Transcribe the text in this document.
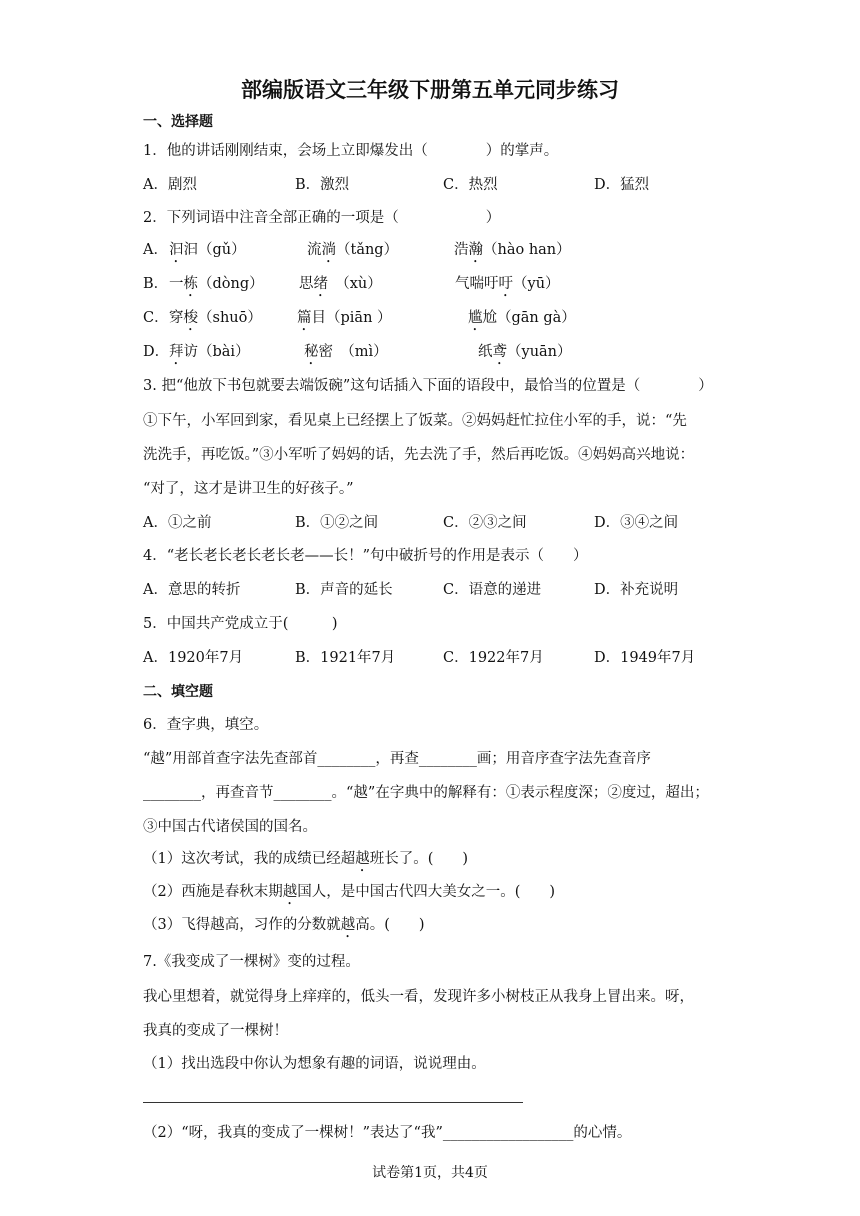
部编版语文三年级下册第五单元同步练习
一、选择题
1．他的讲话刚刚结束，会场上立即爆发出（　　　　）的掌声。
A．剧烈	B．激烈	C．热烈	D．猛烈
2．下列词语中注音全部正确的一项是（　　　　　　）
A． 汩汩（gǔ）	流淌（tǎng）	浩瀚（hào han）
B． 一栋（dòng） 思绪　（xù）	气喘吁吁（yū）
C． 穿梭（shuō） 篇目（piān ）	尴尬（gān gà）
D． 拜访（bài）	秘密　（mì）	纸鸢（yuān）
3. 把“他放下书包就要去端饭碗”这句话插入下面的语段中，最恰当的位置是（　　　　）
①下午，小军回到家，看见桌上已经摆上了饭菜。②妈妈赶忙拉住小军的手，说：“先
洗洗手，再吃饭。”③小军听了妈妈的话，先去洗了手，然后再吃饭。④妈妈高兴地说：
“对了，这才是讲卫生的好孩子。”
A．①之前	B．①②之间	C．②③之间	D．③④之间
4．“老长老长老长老长老——长！”句中破折号的作用是表示（　　）
A．意思的转折	B．声音的延长	C．语意的递进	D．补充说明
5．中国共产党成立于(　　　)
A．1920年7月	B．1921年7月	C．1922年7月	D．1949年7月
二、填空题
6．查字典，填空。
“越”用部首查字法先查部首________，再查________画；用音序查字法先查音序
________，再查音节________。“越”在字典中的解释有：①表示程度深；②度过，超出；
③中国古代诸侯国的国名。
（1）这次考试，我的成绩已经超越班长了。(　　)
（2）西施是春秋末期越国人，是中国古代四大美女之一。(　　)
（3）飞得越高，习作的分数就越高。(　　)
7.《我变成了一棵树》变的过程。
我心里想着，就觉得身上痒痒的，低头一看，发现许多小树枝正从我身上冒出来。呀，
我真的变成了一棵树！
（1）找出选段中你认为想象有趣的词语，说说理由。
（2）“呀，我真的变成了一棵树！”表达了“我”__________________的心情。
试卷第1页，共4页
